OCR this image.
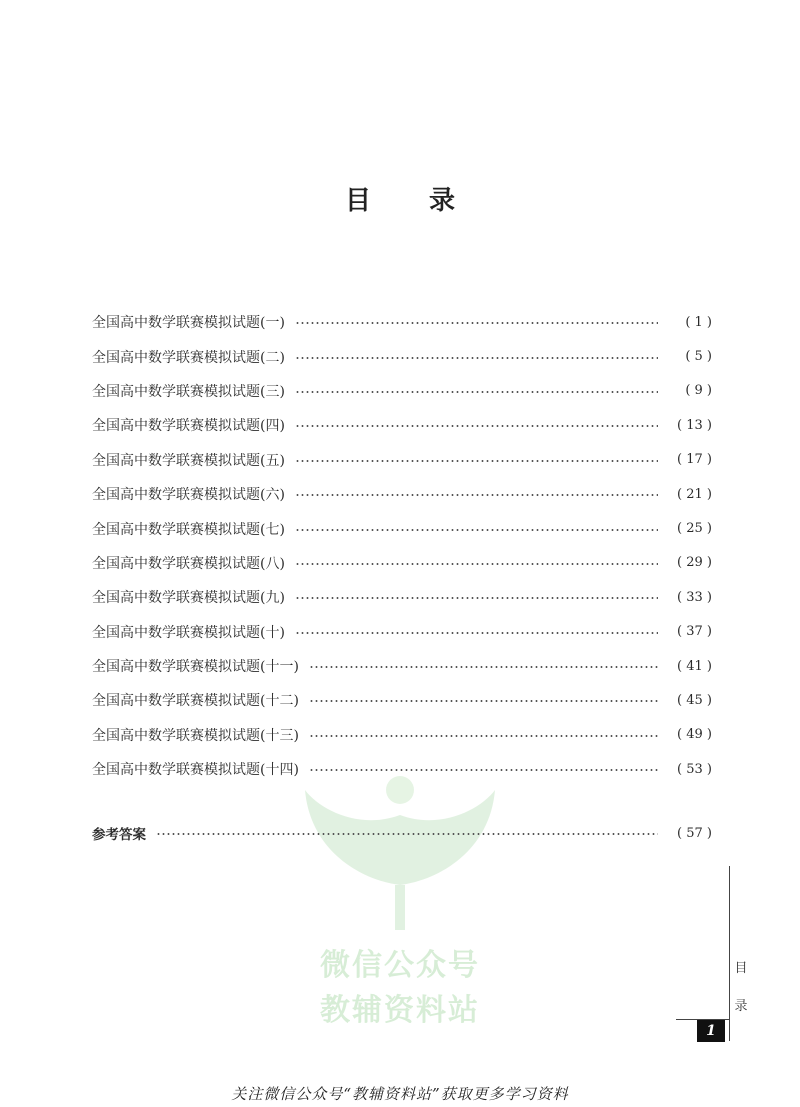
目 录
微信公众号
教辅资料站
全国高中数学联赛模拟试题(一)	( 1 )
全国高中数学联赛模拟试题(二)	( 5 )
全国高中数学联赛模拟试题(三)	( 9 )
全国高中数学联赛模拟试题(四)	( 13 )
全国高中数学联赛模拟试题(五)	( 17 )
全国高中数学联赛模拟试题(六)	( 21 )
全国高中数学联赛模拟试题(七)	( 25 )
全国高中数学联赛模拟试题(八)	( 29 )
全国高中数学联赛模拟试题(九)	( 33 )
全国高中数学联赛模拟试题(十)	( 37 )
全国高中数学联赛模拟试题(十一)	( 41 )
全国高中数学联赛模拟试题(十二)	( 45 )
全国高中数学联赛模拟试题(十三)	( 49 )
全国高中数学联赛模拟试题(十四)	( 53 )
参考答案	( 57 )
目
录
1
关注微信公众号“教辅资料站”获取更多学习资料
